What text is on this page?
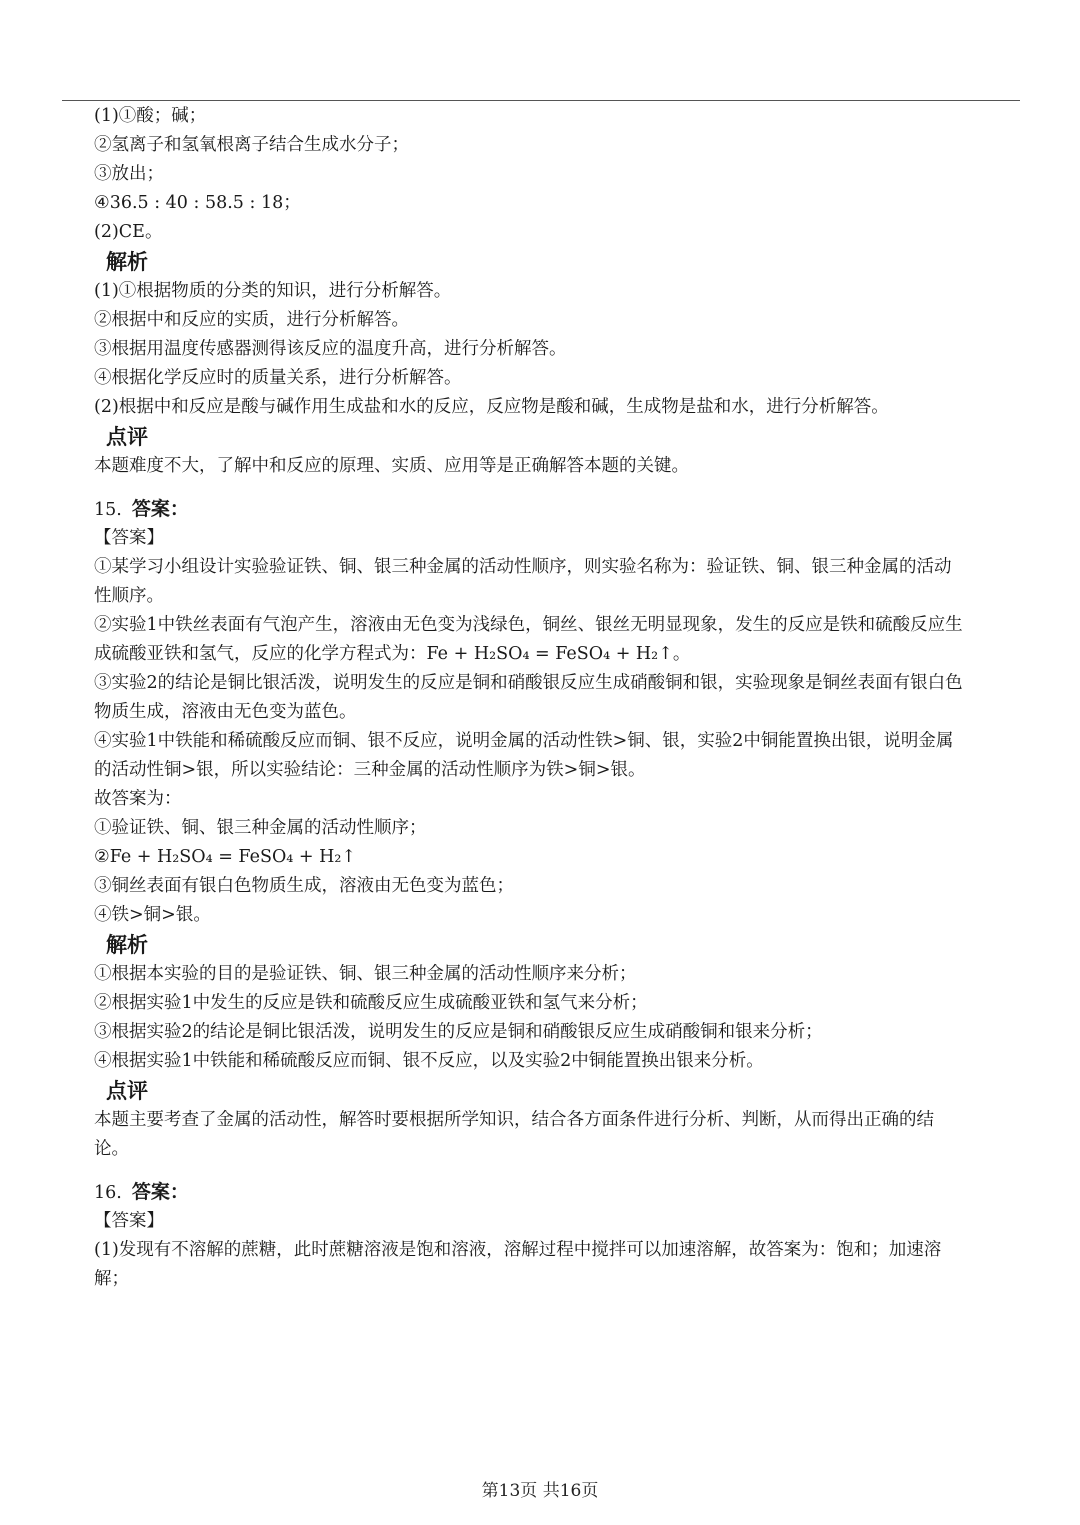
(1)①酸；碱；
②氢离子和氢氧根离子结合生成水分子；
③放出；
④36.5 : 40 : 58.5 : 18；
(2)CE。
解析
(1)①根据物质的分类的知识，进行分析解答。
②根据中和反应的实质，进行分析解答。
③根据用温度传感器测得该反应的温度升高，进行分析解答。
④根据化学反应时的质量关系，进行分析解答。
(2)根据中和反应是酸与碱作用生成盐和水的反应，反应物是酸和碱，生成物是盐和水，进行分析解答。
点评
本题难度不大，了解中和反应的原理、实质、应用等是正确解答本题的关键。
15. 答案：
【答案】
①某学习小组设计实验验证铁、铜、银三种金属的活动性顺序，则实验名称为：验证铁、铜、银三种金属的活动
性顺序。
②实验1中铁丝表面有气泡产生，溶液由无色变为浅绿色，铜丝、银丝无明显现象，发生的反应是铁和硫酸反应生
成硫酸亚铁和氢气，反应的化学方程式为：Fe + H₂SO₄ = FeSO₄ + H₂↑。
③实验2的结论是铜比银活泼，说明发生的反应是铜和硝酸银反应生成硝酸铜和银，实验现象是铜丝表面有银白色
物质生成，溶液由无色变为蓝色。
④实验1中铁能和稀硫酸反应而铜、银不反应，说明金属的活动性铁>铜、银，实验2中铜能置换出银，说明金属
的活动性铜>银，所以实验结论：三种金属的活动性顺序为铁>铜>银。
故答案为：
①验证铁、铜、银三种金属的活动性顺序；
②Fe + H₂SO₄ = FeSO₄ + H₂↑
③铜丝表面有银白色物质生成，溶液由无色变为蓝色；
④铁>铜>银。
解析
①根据本实验的目的是验证铁、铜、银三种金属的活动性顺序来分析；
②根据实验1中发生的反应是铁和硫酸反应生成硫酸亚铁和氢气来分析；
③根据实验2的结论是铜比银活泼，说明发生的反应是铜和硝酸银反应生成硝酸铜和银来分析；
④根据实验1中铁能和稀硫酸反应而铜、银不反应，以及实验2中铜能置换出银来分析。
点评
本题主要考查了金属的活动性，解答时要根据所学知识，结合各方面条件进行分析、判断，从而得出正确的结
论。
16. 答案：
【答案】
(1)发现有不溶解的蔗糖，此时蔗糖溶液是饱和溶液，溶解过程中搅拌可以加速溶解，故答案为：饱和；加速溶
解；
第13页 共16页
